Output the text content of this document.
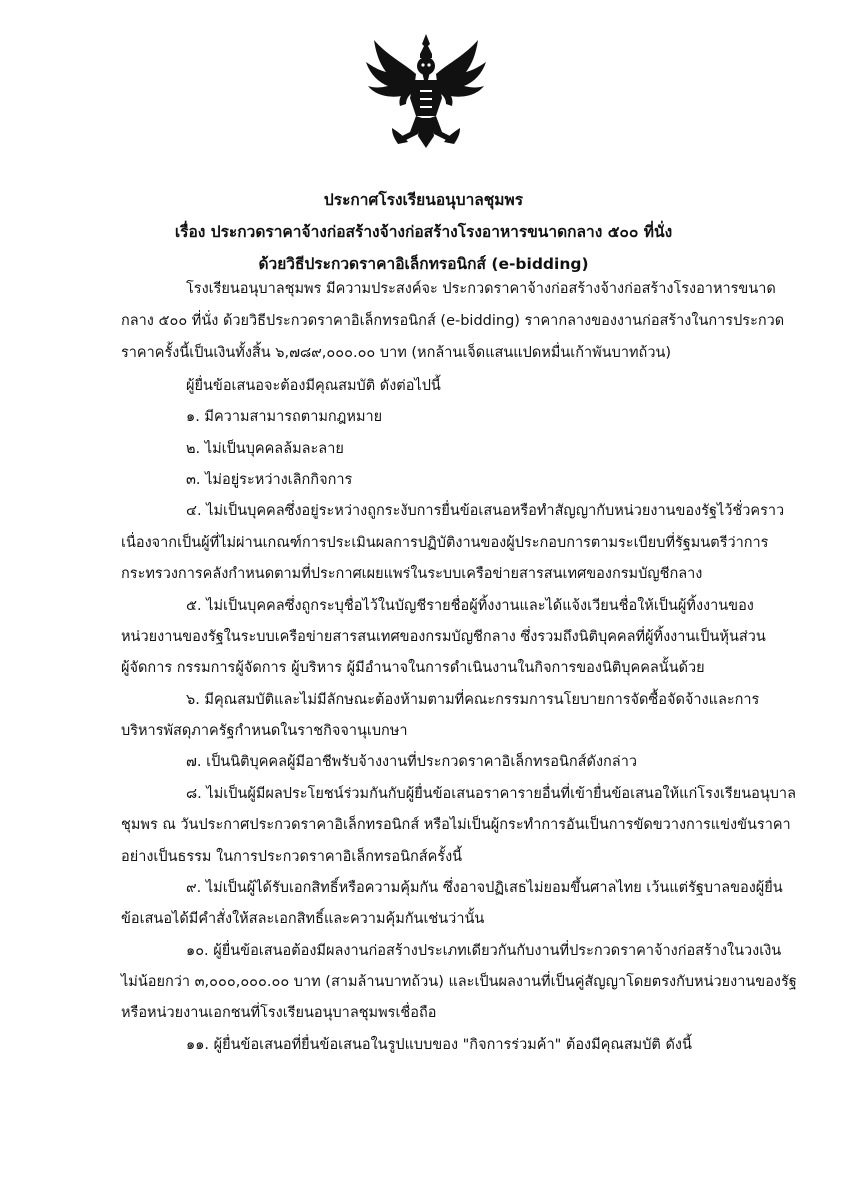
ประกาศโรงเรียนอนุบาลชุมพร
เรื่อง ประกวดราคาจ้างก่อสร้างจ้างก่อสร้างโรงอาหารขนาดกลาง ๕๐๐ ที่นั่ง
ด้วยวิธีประกวดราคาอิเล็กทรอนิกส์ (e-bidding)
โรงเรียนอนุบาลชุมพร มีความประสงค์จะ ประกวดราคาจ้างก่อสร้างจ้างก่อสร้างโรงอาหารขนาด
กลาง ๕๐๐ ที่นั่ง ด้วยวิธีประกวดราคาอิเล็กทรอนิกส์ (e-bidding) ราคากลางของงานก่อสร้างในการประกวด
ราคาครั้งนี้เป็นเงินทั้งสิ้น ๖,๗๘๙,๐๐๐.๐๐ บาท (หกล้านเจ็ดแสนแปดหมื่นเก้าพันบาทถ้วน)
ผู้ยื่นข้อเสนอจะต้องมีคุณสมบัติ ดังต่อไปนี้
๑. มีความสามารถตามกฎหมาย
๒. ไม่เป็นบุคคลล้มละลาย
๓. ไม่อยู่ระหว่างเลิกกิจการ
๔. ไม่เป็นบุคคลซึ่งอยู่ระหว่างถูกระงับการยื่นข้อเสนอหรือทำสัญญากับหน่วยงานของรัฐไว้ชั่วคราว
เนื่องจากเป็นผู้ที่ไม่ผ่านเกณฑ์การประเมินผลการปฏิบัติงานของผู้ประกอบการตามระเบียบที่รัฐมนตรีว่าการ
กระทรวงการคลังกำหนดตามที่ประกาศเผยแพร่ในระบบเครือข่ายสารสนเทศของกรมบัญชีกลาง
๕. ไม่เป็นบุคคลซึ่งถูกระบุชื่อไว้ในบัญชีรายชื่อผู้ทิ้งงานและได้แจ้งเวียนชื่อให้เป็นผู้ทิ้งงานของ
หน่วยงานของรัฐในระบบเครือข่ายสารสนเทศของกรมบัญชีกลาง ซึ่งรวมถึงนิติบุคคลที่ผู้ทิ้งงานเป็นหุ้นส่วน
ผู้จัดการ กรรมการผู้จัดการ ผู้บริหาร ผู้มีอำนาจในการดำเนินงานในกิจการของนิติบุคคลนั้นด้วย
๖. มีคุณสมบัติและไม่มีลักษณะต้องห้ามตามที่คณะกรรมการนโยบายการจัดซื้อจัดจ้างและการ
บริหารพัสดุภาครัฐกำหนดในราชกิจจานุเบกษา
๗. เป็นนิติบุคคลผู้มีอาชีพรับจ้างงานที่ประกวดราคาอิเล็กทรอนิกส์ดังกล่าว
๘. ไม่เป็นผู้มีผลประโยชน์ร่วมกันกับผู้ยื่นข้อเสนอราคารายอื่นที่เข้ายื่นข้อเสนอให้แก่โรงเรียนอนุบาล
ชุมพร ณ วันประกาศประกวดราคาอิเล็กทรอนิกส์ หรือไม่เป็นผู้กระทำการอันเป็นการขัดขวางการแข่งขันราคา
อย่างเป็นธรรม ในการประกวดราคาอิเล็กทรอนิกส์ครั้งนี้
๙. ไม่เป็นผู้ได้รับเอกสิทธิ์หรือความคุ้มกัน ซึ่งอาจปฏิเสธไม่ยอมขึ้นศาลไทย เว้นแต่รัฐบาลของผู้ยื่น
ข้อเสนอได้มีคำสั่งให้สละเอกสิทธิ์และความคุ้มกันเช่นว่านั้น
๑๐. ผู้ยื่นข้อเสนอต้องมีผลงานก่อสร้างประเภทเดียวกันกับงานที่ประกวดราคาจ้างก่อสร้างในวงเงิน
ไม่น้อยกว่า ๓,๐๐๐,๐๐๐.๐๐ บาท (สามล้านบาทถ้วน) และเป็นผลงานที่เป็นคู่สัญญาโดยตรงกับหน่วยงานของรัฐ
หรือหน่วยงานเอกชนที่โรงเรียนอนุบาลชุมพรเชื่อถือ
๑๑. ผู้ยื่นข้อเสนอที่ยื่นข้อเสนอในรูปแบบของ "กิจการร่วมค้า" ต้องมีคุณสมบัติ ดังนี้
